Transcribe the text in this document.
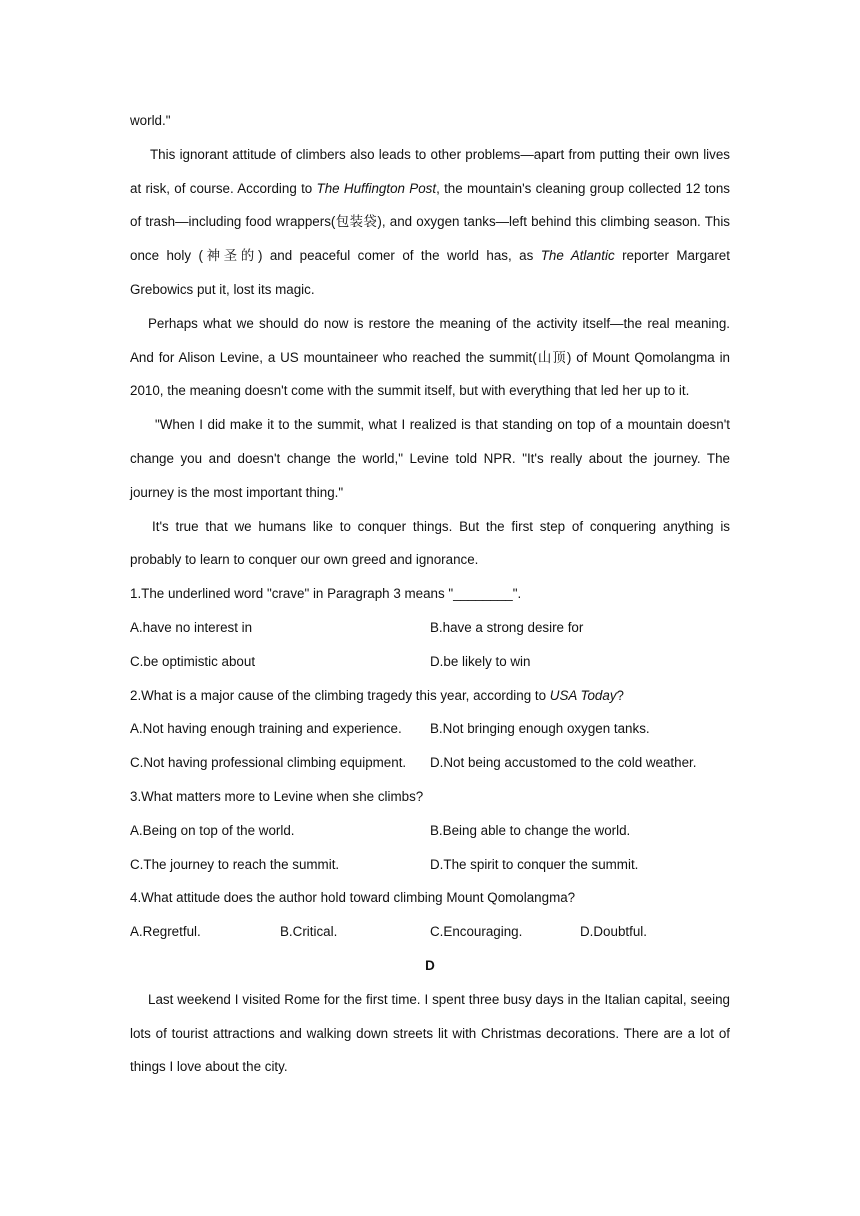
world."
This ignorant attitude of climbers also leads to other problems—apart from putting their own lives at risk, of course. According to The Huffington Post, the mountain's cleaning group collected 12 tons of trash—including food wrappers(包装袋), and oxygen tanks—left behind this climbing season. This once holy (神圣的) and peaceful comer of the world has, as The Atlantic reporter Margaret Grebowics put it, lost its magic.
Perhaps what we should do now is restore the meaning of the activity itself—the real meaning. And for Alison Levine, a US mountaineer who reached the summit(山顶) of Mount Qomolangma in 2010, the meaning doesn't come with the summit itself, but with everything that led her up to it.
"When I did make it to the summit, what I realized is that standing on top of a mountain doesn't change you and doesn't change the world," Levine told NPR. "It's really about the journey. The journey is the most important thing."
It's true that we humans like to conquer things. But the first step of conquering anything is probably to learn to conquer our own greed and ignorance.
1.The underlined word "crave" in Paragraph 3 means "________".
A.have no interest in	B.have a strong desire for
C.be optimistic about	D.be likely to win
2.What is a major cause of the climbing tragedy this year, according to USA Today?
A.Not having enough training and experience.	B.Not bringing enough oxygen tanks.
C.Not having professional climbing equipment.	D.Not being accustomed to the cold weather.
3.What matters more to Levine when she climbs?
A.Being on top of the world.	B.Being able to change the world.
C.The journey to reach the summit.	D.The spirit to conquer the summit.
4.What attitude does the author hold toward climbing Mount Qomolangma?
A.Regretful.	B.Critical.	C.Encouraging.	D.Doubtful.
D
Last weekend I visited Rome for the first time. I spent three busy days in the Italian capital, seeing lots of tourist attractions and walking down streets lit with Christmas decorations. There are a lot of things I love about the city.
